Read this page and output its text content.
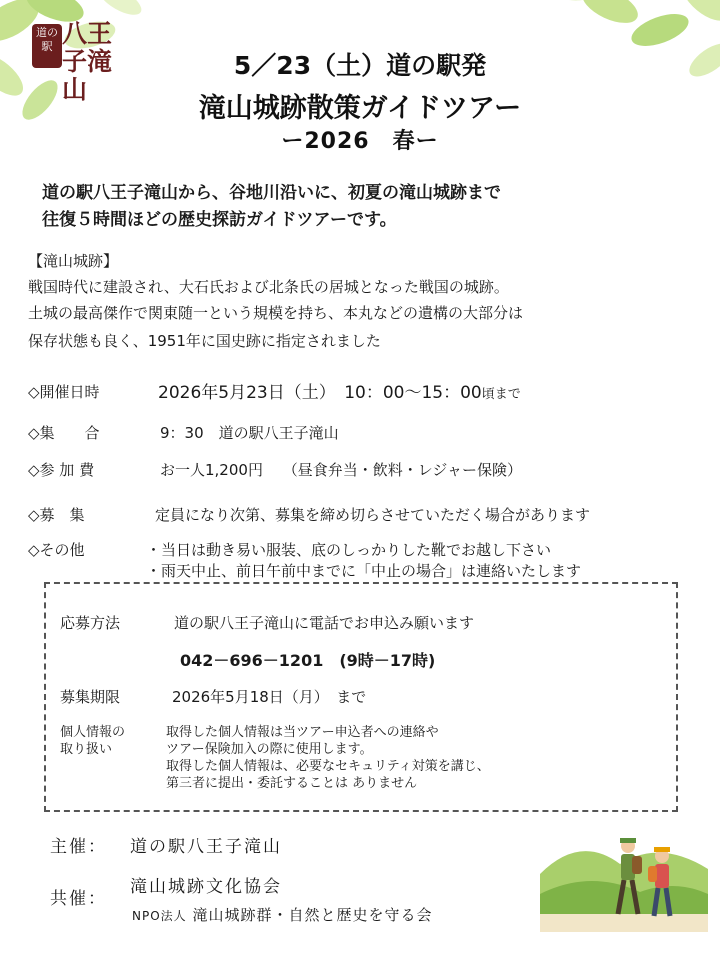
道の駅 八王子滝山
5／23（土）道の駅発
滝山城跡散策ガイドツアー
ー2026　春ー
道の駅八王子滝山から、谷地川沿いに、初夏の滝山城跡まで
往復５時間ほどの歴史探訪ガイドツアーです。
【滝山城跡】
戦国時代に建設され、大石氏および北条氏の居城となった戦国の城跡。
土城の最高傑作で関東随一という規模を持ち、本丸などの遺構の大部分は
保存状態も良く、1951年に国史跡に指定されました
◇開催日時	2026年5月23日（土）　10：00〜15：00頃まで
◇集　　合	9：30　道の駅八王子滝山
◇参 加 費	お一人1,200円　 （昼食弁当・飲料・レジャー保険）
◇募　集	定員になり次第、募集を締め切らさせていただく場合があります
◇その他	・当日は動き易い服装、底のしっかりした靴でお越し下さい
・雨天中止、前日午前中までに「中止の場合」は連絡いたします
応募方法	道の駅八王子滝山に電話でお申込み願います
042－696－1201　(9時－17時)
募集期限	2026年5月18日（月）　まで
個人情報の
取り扱い
取得した個人情報は当ツアー申込者への連絡や
ツアー保険加入の際に使用します。
取得した個人情報は、必要なセキュリティ対策を講じ、
第三者に提出・委託することは ありません
主催： 道の駅八王子滝山
共催：
滝山城跡文化協会
NPO法人 滝山城跡群・自然と歴史を守る会
